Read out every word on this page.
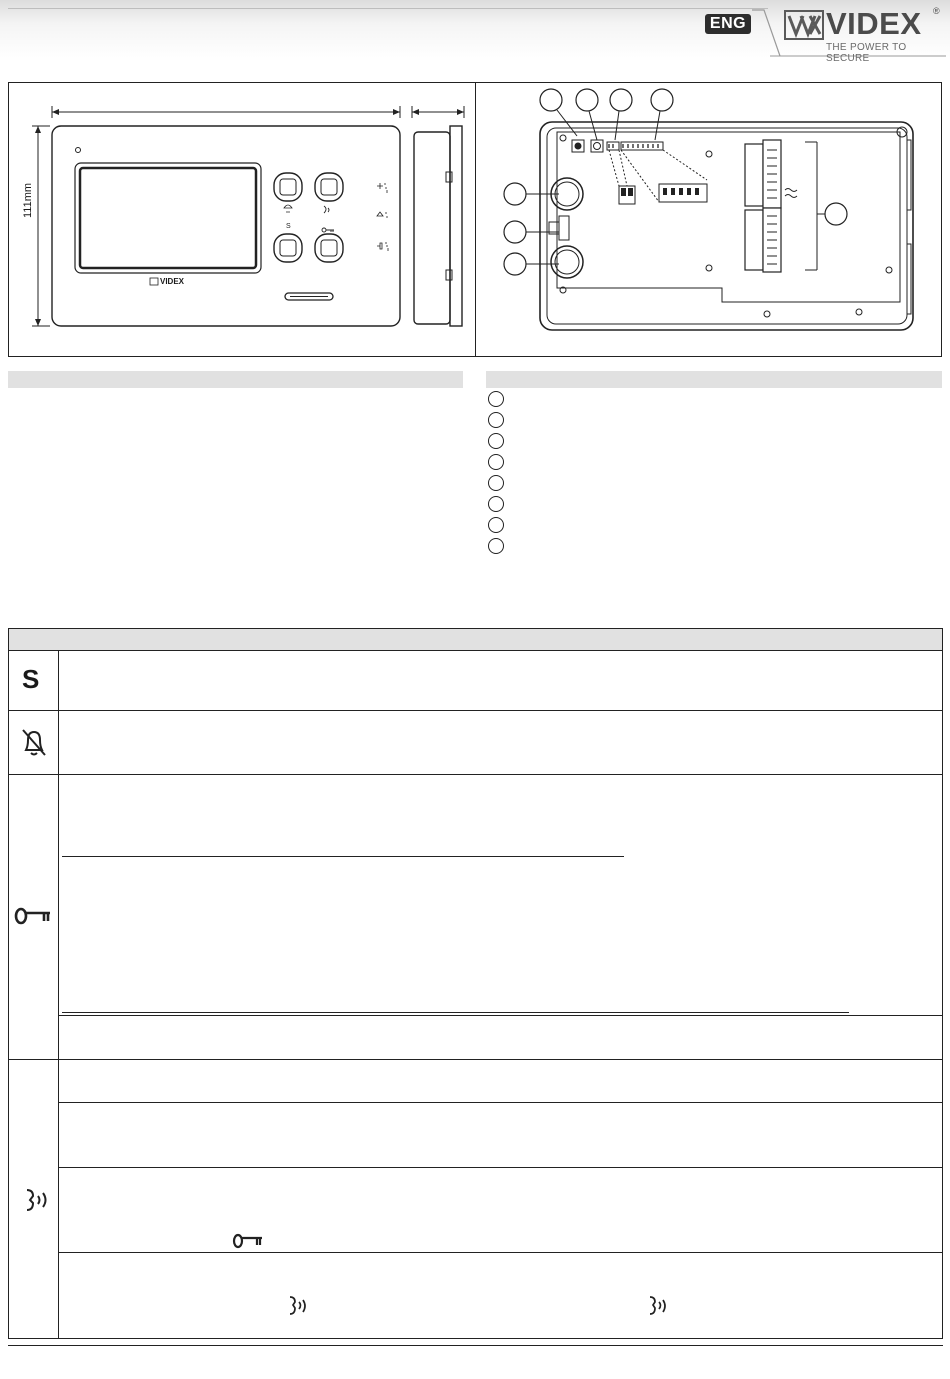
ENG	VIDEX ®
THE POWER TO SECURE
111mm
VIDEX
S
S
